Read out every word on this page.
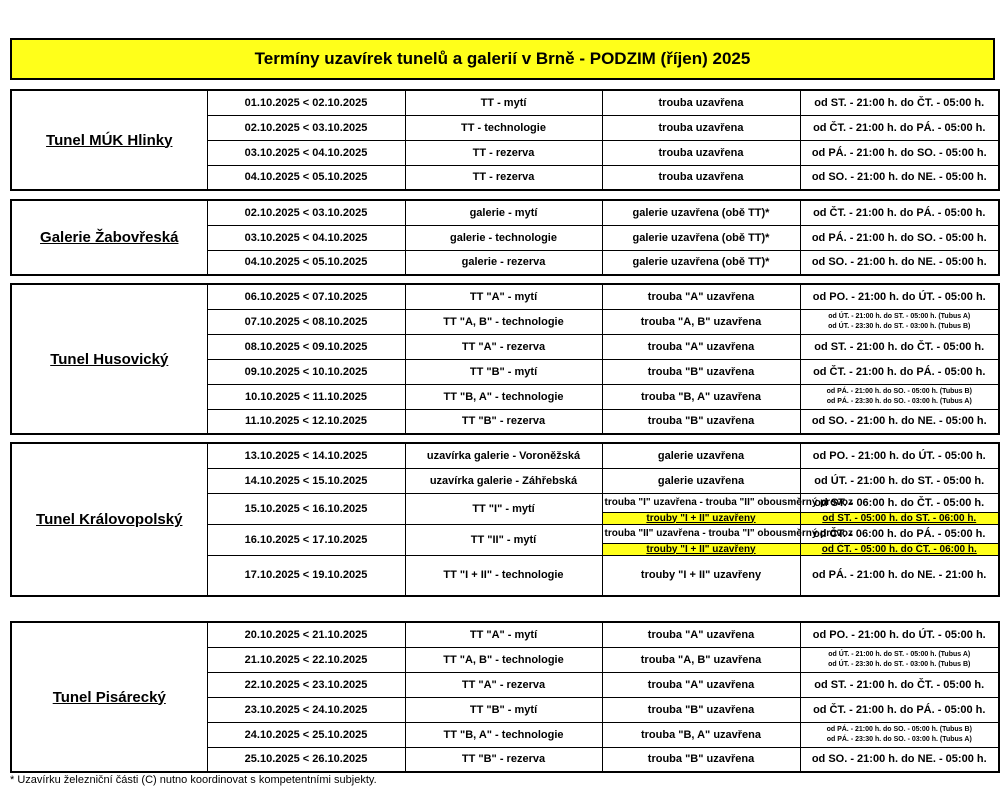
Termíny uzavírek tunelů a galerií v Brně - PODZIM (říjen) 2025
Tunel MÚK Hlinky	01.10.2025 < 02.10.2025	TT - mytí	trouba uzavřena	od ST. - 21:00 h. do ČT. - 05:00 h.
	02.10.2025 < 03.10.2025	TT - technologie	trouba uzavřena	od ČT. - 21:00 h. do PÁ. - 05:00 h.
	03.10.2025 < 04.10.2025	TT - rezerva	trouba uzavřena	od PÁ. - 21:00 h. do SO. - 05:00 h.
	04.10.2025 < 05.10.2025	TT - rezerva	trouba uzavřena	od SO. - 21:00 h. do NE. - 05:00 h.
Galerie Žabovřeská	02.10.2025 < 03.10.2025	galerie - mytí	galerie uzavřena (obě TT)*	od ČT. - 21:00 h. do PÁ. - 05:00 h.
	03.10.2025 < 04.10.2025	galerie - technologie	galerie uzavřena (obě TT)*	od PÁ. - 21:00 h. do SO. - 05:00 h.
	04.10.2025 < 05.10.2025	galerie - rezerva	galerie uzavřena (obě TT)*	od SO. - 21:00 h. do NE. - 05:00 h.
Tunel Husovický	06.10.2025 < 07.10.2025	TT "A" - mytí	trouba "A" uzavřena	od PO. - 21:00 h. do ÚT. - 05:00 h.
	07.10.2025 < 08.10.2025	TT "A, B" - technologie	trouba "A, B" uzavřena	od ÚT. - 21:00 h. do ST. - 05:00 h. (Tubus A)
od ÚT. - 23:30 h. do ST. - 03:00 h. (Tubus B)

	08.10.2025 < 09.10.2025	TT "A" - rezerva	trouba "A" uzavřena	od ST. - 21:00 h. do ČT. - 05:00 h.
	09.10.2025 < 10.10.2025	TT "B" - mytí	trouba "B" uzavřena	od ČT. - 21:00 h. do PÁ. - 05:00 h.
	10.10.2025 < 11.10.2025	TT "B, A" - technologie	trouba "B, A" uzavřena	od PÁ. - 21:00 h. do SO. - 05:00 h. (Tubus B)
od PÁ. - 23:30 h. do SO. - 03:00 h. (Tubus A)

	11.10.2025 < 12.10.2025	TT "B" - rezerva	trouba "B" uzavřena	od SO. - 21:00 h. do NE. - 05:00 h.
Tunel Královopolský	13.10.2025 < 14.10.2025	uzavírka galerie - Voroněžská	galerie uzavřena	od PO. - 21:00 h. do ÚT. - 05:00 h.
	14.10.2025 < 15.10.2025	uzavírka galerie - Záhřebská	galerie uzavřena	od ÚT. - 21:00 h. do ST. - 05:00 h.
	15.10.2025 < 16.10.2025	TT "I" - mytí	trouba "I" uzavřena - trouba "II" obousměrný provoz	od ST. - 06:00 h. do ČT. - 05:00 h.
			trouby "I + II" uzavřeny	od ST. - 05:00 h. do ST. - 06:00 h.
	16.10.2025 < 17.10.2025	TT "II" - mytí	trouba "II" uzavřena - trouba "I" obousměrný provoz	od ČT. - 06:00 h. do PÁ. - 05:00 h.
			trouby "I + II" uzavřeny	od ČT. - 05:00 h. do ČT. - 06:00 h.
	17.10.2025 < 19.10.2025	TT "I + II" - technologie	trouby "I + II" uzavřeny	od PÁ. - 21:00 h. do NE. - 21:00 h.
Tunel Pisárecký	20.10.2025 < 21.10.2025	TT "A" - mytí	trouba "A" uzavřena	od PO. - 21:00 h. do ÚT. - 05:00 h.
	21.10.2025 < 22.10.2025	TT "A, B" - technologie	trouba "A, B" uzavřena	od ÚT. - 21:00 h. do ST. - 05:00 h. (Tubus A)
od ÚT. - 23:30 h. do ST. - 03:00 h. (Tubus B)

	22.10.2025 < 23.10.2025	TT "A" - rezerva	trouba "A" uzavřena	od ST. - 21:00 h. do ČT. - 05:00 h.
	23.10.2025 < 24.10.2025	TT "B" - mytí	trouba "B" uzavřena	od ČT. - 21:00 h. do PÁ. - 05:00 h.
	24.10.2025 < 25.10.2025	TT "B, A" - technologie	trouba "B, A" uzavřena	od PÁ. - 21:00 h. do SO. - 05:00 h. (Tubus B)
od PÁ. - 23:30 h. do SO. - 03:00 h. (Tubus A)

	25.10.2025 < 26.10.2025	TT "B" - rezerva	trouba "B" uzavřena	od SO. - 21:00 h. do NE. - 05:00 h.
* Uzavírku železniční části (C) nutno koordinovat s kompetentními subjekty.
